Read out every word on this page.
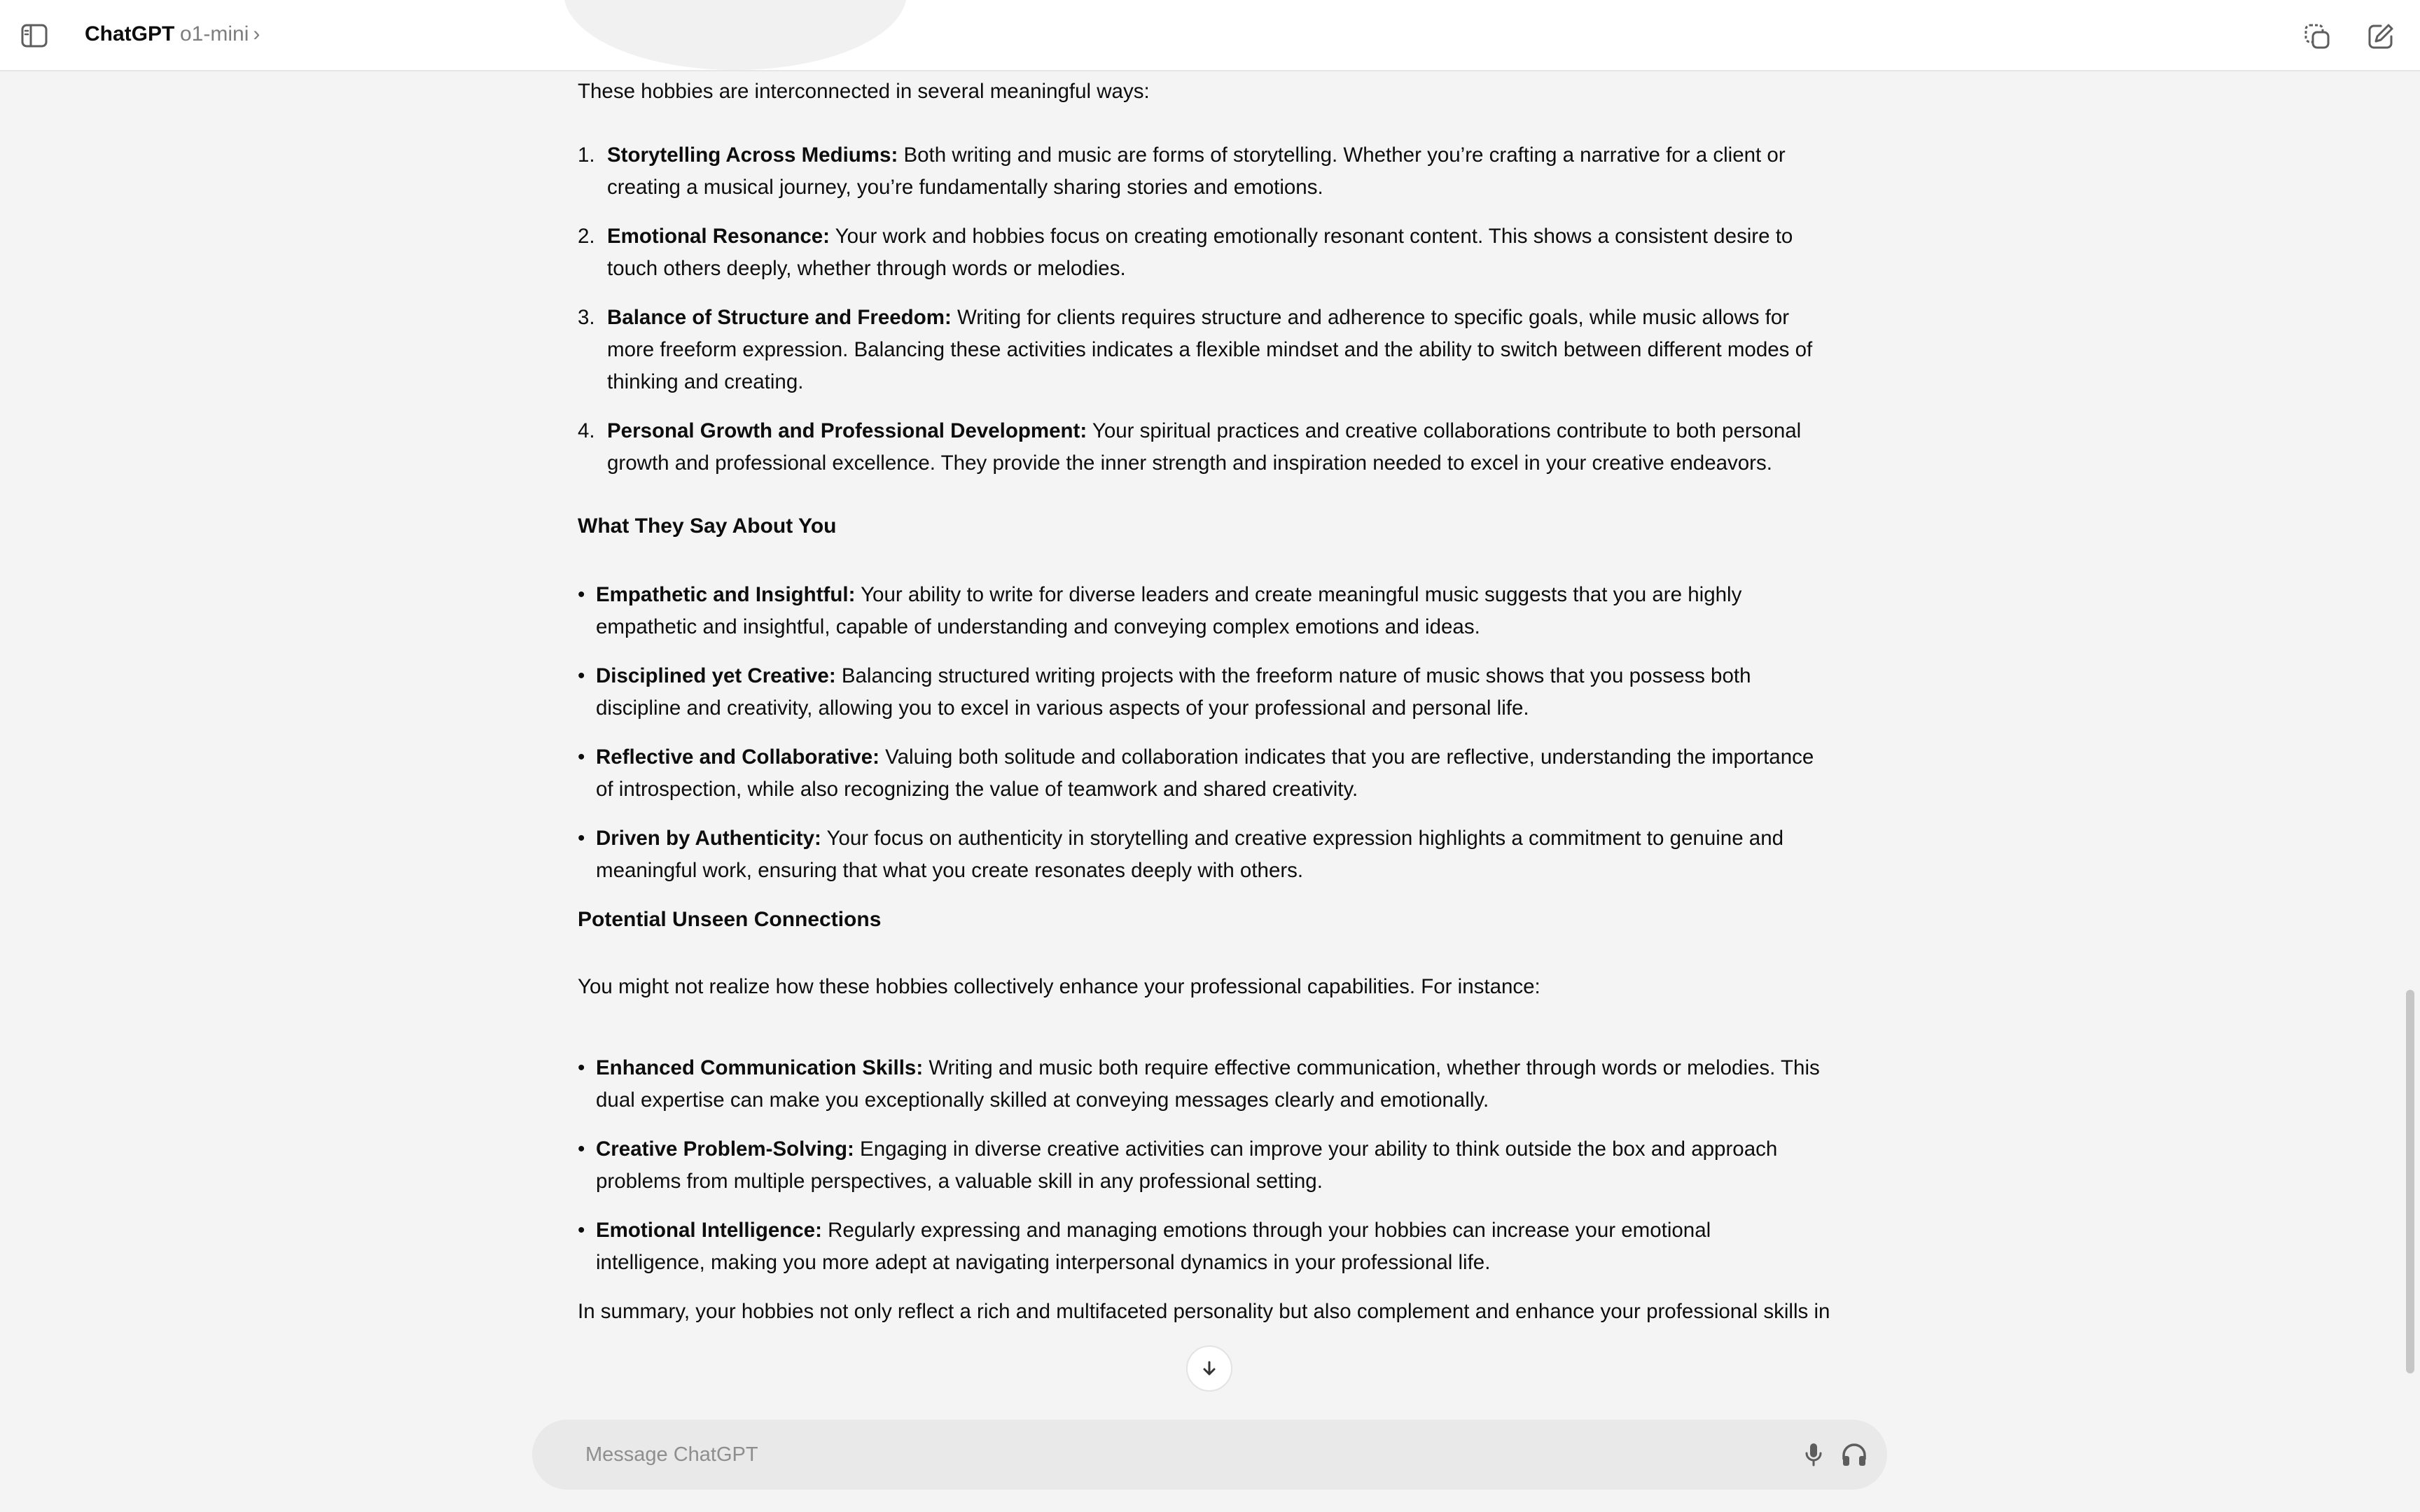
ChatGPT o1-mini ›

These hobbies are interconnected in several meaningful ways:

1. Storytelling Across Mediums: Both writing and music are forms of storytelling. Whether you’re crafting a narrative for a client or creating a musical journey, you’re fundamentally sharing stories and emotions.
2. Emotional Resonance: Your work and hobbies focus on creating emotionally resonant content. This shows a consistent desire to touch others deeply, whether through words or melodies.
3. Balance of Structure and Freedom: Writing for clients requires structure and adherence to specific goals, while music allows for more freeform expression. Balancing these activities indicates a flexible mindset and the ability to switch between different modes of thinking and creating.
4. Personal Growth and Professional Development: Your spiritual practices and creative collaborations contribute to both personal growth and professional excellence. They provide the inner strength and inspiration needed to excel in your creative endeavors.
What They Say About You
• Empathetic and Insightful: Your ability to write for diverse leaders and create meaningful music suggests that you are highly empathetic and insightful, capable of understanding and conveying complex emotions and ideas.
• Disciplined yet Creative: Balancing structured writing projects with the freeform nature of music shows that you possess both discipline and creativity, allowing you to excel in various aspects of your professional and personal life.
• Reflective and Collaborative: Valuing both solitude and collaboration indicates that you are reflective, understanding the importance of introspection, while also recognizing the value of teamwork and shared creativity.
• Driven by Authenticity: Your focus on authenticity in storytelling and creative expression highlights a commitment to genuine and meaningful work, ensuring that what you create resonates deeply with others.
Potential Unseen Connections

You might not realize how these hobbies collectively enhance your professional capabilities. For instance:

• Enhanced Communication Skills: Writing and music both require effective communication, whether through words or melodies. This dual expertise can make you exceptionally skilled at conveying messages clearly and emotionally.
• Creative Problem-Solving: Engaging in diverse creative activities can improve your ability to think outside the box and approach problems from multiple perspectives, a valuable skill in any professional setting.
• Emotional Intelligence: Regularly expressing and managing emotions through your hobbies can increase your emotional intelligence, making you more adept at navigating interpersonal dynamics in your professional life.

In summary, your hobbies not only reflect a rich and multifaceted personality but also complement and enhance your professional skills in

Message ChatGPT
